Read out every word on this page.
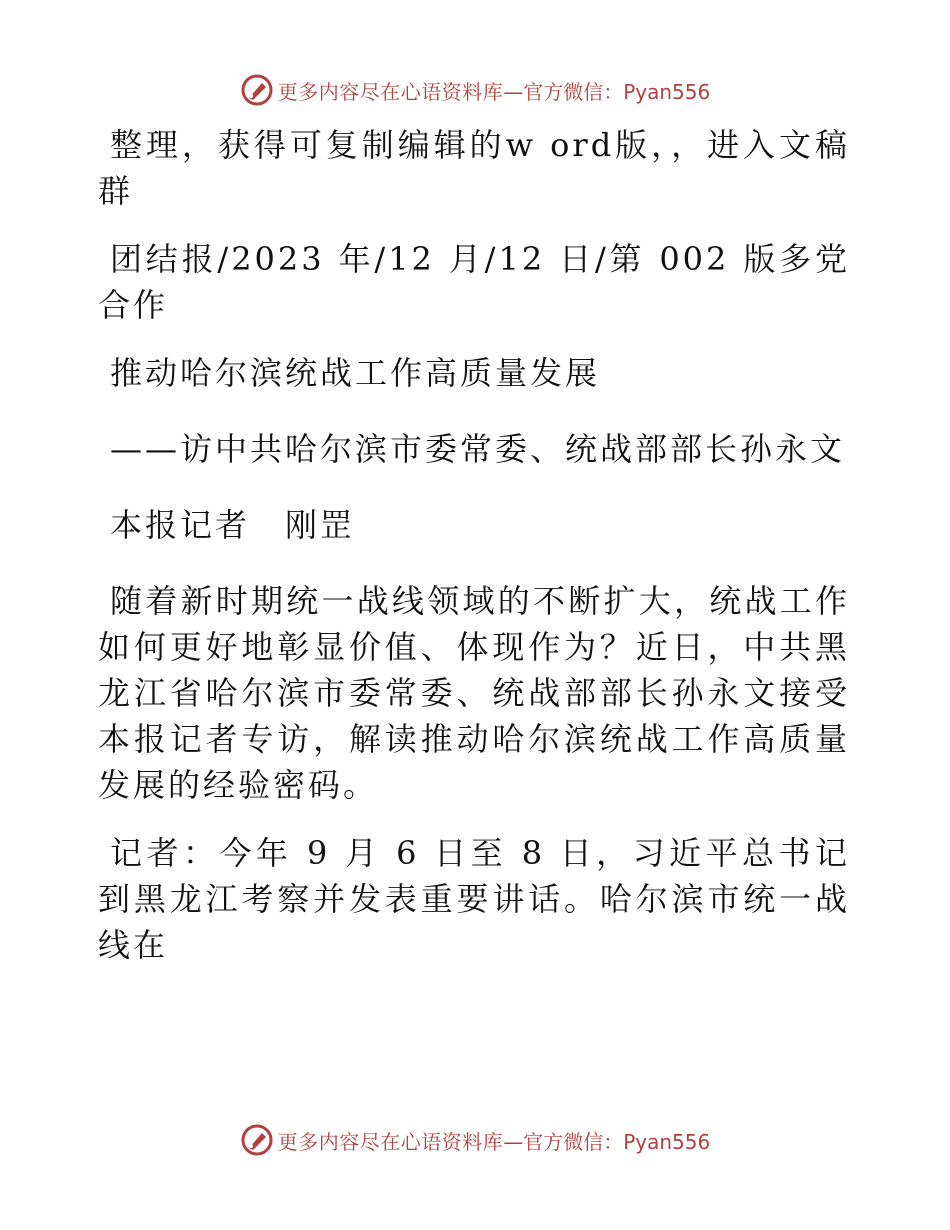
更多内容尽在心语资料库 —官方微信：Pyan556

整理，获得可复制编辑的w ord版，，进入文稿群

团结报/2023 年/12 月/12 日/第 002 版多党合作

推动哈尔滨统战工作高质量发展

——访中共哈尔滨市委常委、统战部部长孙永文

本报记者　刚罡

随着新时期统一战线领域的不断扩大，统战工作如何更好地彰显价值、体现作为？近日，中共黑龙江省哈尔滨市委常委、统战部部长孙永文接受本报记者专访，解读推动哈尔滨统战工作高质量发展的经验密码。

记者：今年 9 月 6 日至 8 日，习近平总书记到黑龙江考察并发表重要讲话。哈尔滨市统一战线在

更多内容尽在心语资料库 —官方微信：Pyan556
